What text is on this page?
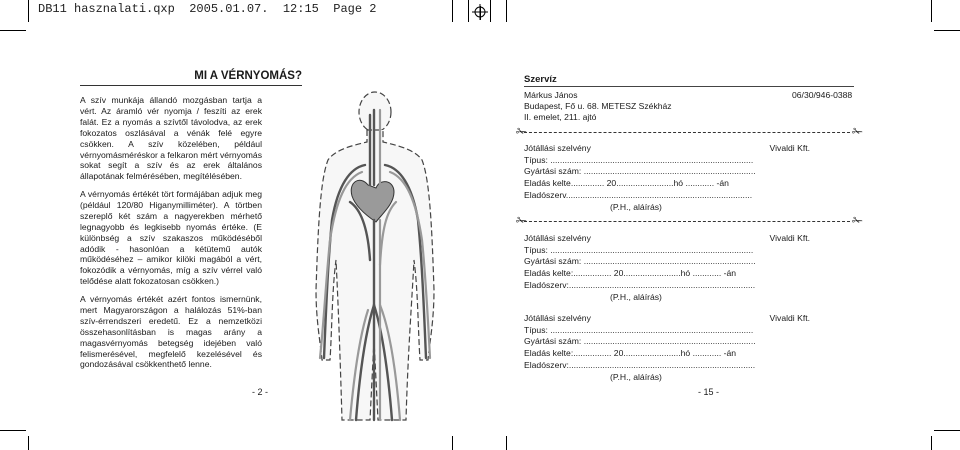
DB11 hasznalati.qxp 2005.01.07. 12:15 Page 2
MI A VÉRNYOMÁS?

A szív munkája állandó mozgásban tartja a vért. Az áramló vér nyomja / feszíti az erek falát. Ez a nyomás a szívtől távolodva, az erek fokozatos oszlásával a vénák felé egyre csökken. A szív közelében, például vérnyomásméréskor a felkaron mért vérnyomás sokat segít a szív és az erek általános állapotának felmérésében, megítélésében.

A vérnyomás értékét tört formájában adjuk meg (például 120/80 Higanymilliméter). A törtben szereplő két szám a nagyerekben mérhető legnagyobb és legkisebb nyomás értéke. (E különbség a szív szakaszos működéséből adódik - hasonlóan a kétütemű autók működéséhez – amikor kilöki magából a vért, fokozódik a vérnyomás, míg a szív vérrel való telődése alatt fokozatosan csökken.)

A vérnyomás értékét azért fontos ismernünk, mert Magyarországon a halálozás 51%-ban szív-érrendszeri eredetű. Ez a nemzetközi összehasonlításban is magas arány a magasvérnyomás betegség idejében való felismerésével, megfelelő kezelésével és gondozásával csökkenthető lenne.

- 2 -
Szervíz
Márkus János
Budapest, Fő u. 68. METESZ Székház
II. emelet, 211. ajtó
06/30/946-0388
✁	✁
Jótállási szelvény	Vivaldi Kft.
Típus: .....................................................................................
Gyártási szám: ........................................................................
Eladás kelte.............. 20........................hó ............ -án
Eladószerv..............................................................................
(P.H., aláírás)
✁	✁
Jótállási szelvény	Vivaldi Kft.
Típus: .....................................................................................
Gyártási szám: ........................................................................
Eladás kelte:................ 20........................hó ............ -án
Eladószerv:..............................................................................
(P.H., aláírás)
Jótállási szelvény	Vivaldi Kft.
Típus: .....................................................................................
Gyártási szám: ........................................................................
Eladás kelte:................ 20........................hó ............ -án
Eladószerv:..............................................................................
(P.H., aláírás)
- 15 -
